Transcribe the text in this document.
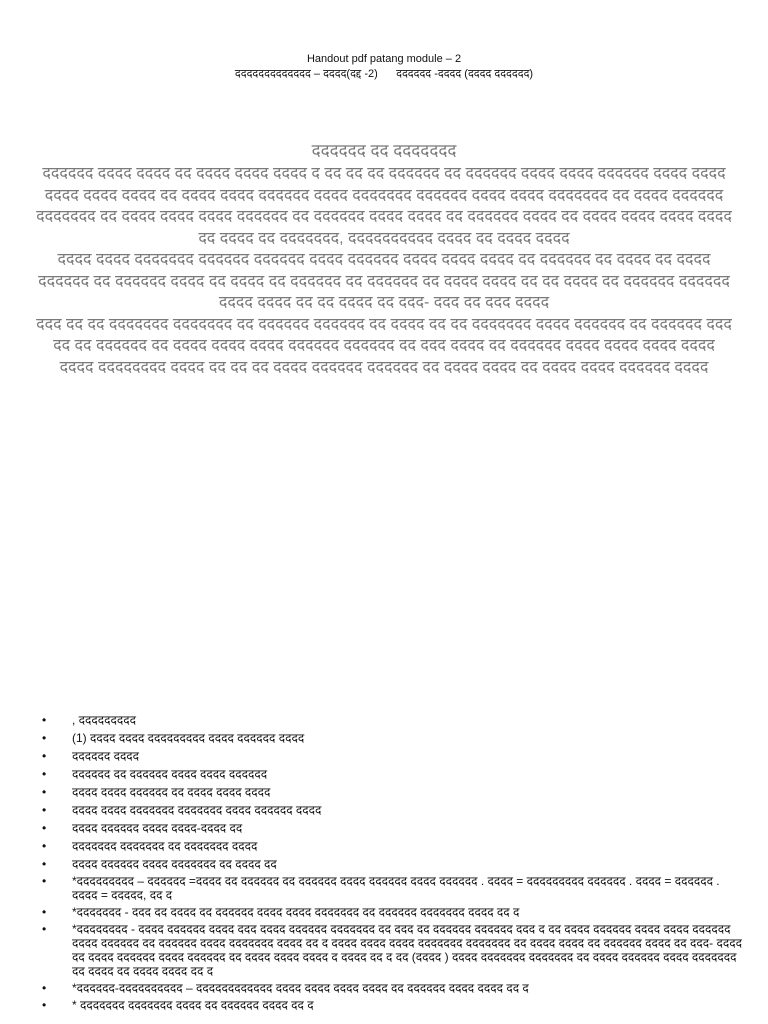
Handout pdf patang module – 2
ददददददददददददद – दददद(दद्द -2)      दददददद -दददद (दददद दददददद)
दददददद दद ददददददद
दददददद दददद दददद दद दददद दददद दददद द दद दद दद दददददद दद दददददद दददद दददद दददददद दददद दददद दददद दददद दददद दद दददद दददद दददददद दददद ददददददद दददददद दददद दददद ददददददद दद दददद दददददद ददददददद दद दददद दददद दददद दददददद दद दददददद दददद दददद दद दददददद दददद दद दददद दददद दददद दददद दद दददद दद ददददददद, दददददददददद दददद दद दददद दददद
दददद दददद ददददददद दददददद दददददद दददद दददददद दददद दददद दददद दद दददददद दद दददद दद दददद दददददद दद दददददद दददद दद दददद दद दददददद दद दददददद दद दददद दददद दद दद दददद दद दददददद दददददद दददद दददद दद दद दददद दद ददद- ददद दद ददद दददद
ददद दद दद ददददददद ददददददद दद दददददद दददददद दद दददद दद दद ददददददद दददद दददददद दद दददददद ददद दद दद दददददद दद दददद दददद दददद दददददद दददददद दद ददद दददद दद दददददद दददद दददद दददद दददद दददद दददददददद दददद दद दद दद दददद दददददद दददददद दद दददद दददद दद दददद दददद दददददद दददद
• , ददददददददद
• (1) दददद दददद ददददददददद दददद दददददद दददद
• दददददद दददद
• दददददद दद दददददद दददद दददद दददददद
• दददद दददद दददददद दद दददद दददद दददद
• दददद दददद ददददददद ददददददद दददद दददददद दददद
• दददद दददददद दददद दददद-दददद दद
• ददददददद ददददददद दद ददददददद दददद
• दददद दददददद दददद ददददददद दद दददद दद
• *ददददददददद – दददददद =दददद दद दददददद दद दददददद दददद दददददद दददद दददददद . दददद = ददददददददद दददददद . दददद = दददददद . दददद = ददददद, दद द
• *ददददददद - ददद दद दददद दद दददददद दददद दददद ददददददद दद दददददद ददददददद दददद दद द
• *दददददददद - दददद दददददद दददद ददद दददद दददददद ददददददद दद ददद दद दददददद दददददद ददद द दद दददद दददददद दददद दददद दददददद दददद दददददद दद दददददद दददद ददददददद दददद दद द दददद दददद दददद ददददददद ददददददद दद दददद दददद दद दददददद दददद दद ददद- दददद दद दददद दददददद दददद दददददद दद दददद दददद दददद द दददद दद द दद (दददद ) दददद ददददददद ददददददद दद दददद दददददद दददद ददददददद दद दददद दद दददद दददद दद द
• *दददददद-दददददददददद – दददददददददददद दददद दददद दददद दददद दद दददददद दददद दददद दद द
• * ददददददद ददददददद दददद दद दददददद दददद दद द
